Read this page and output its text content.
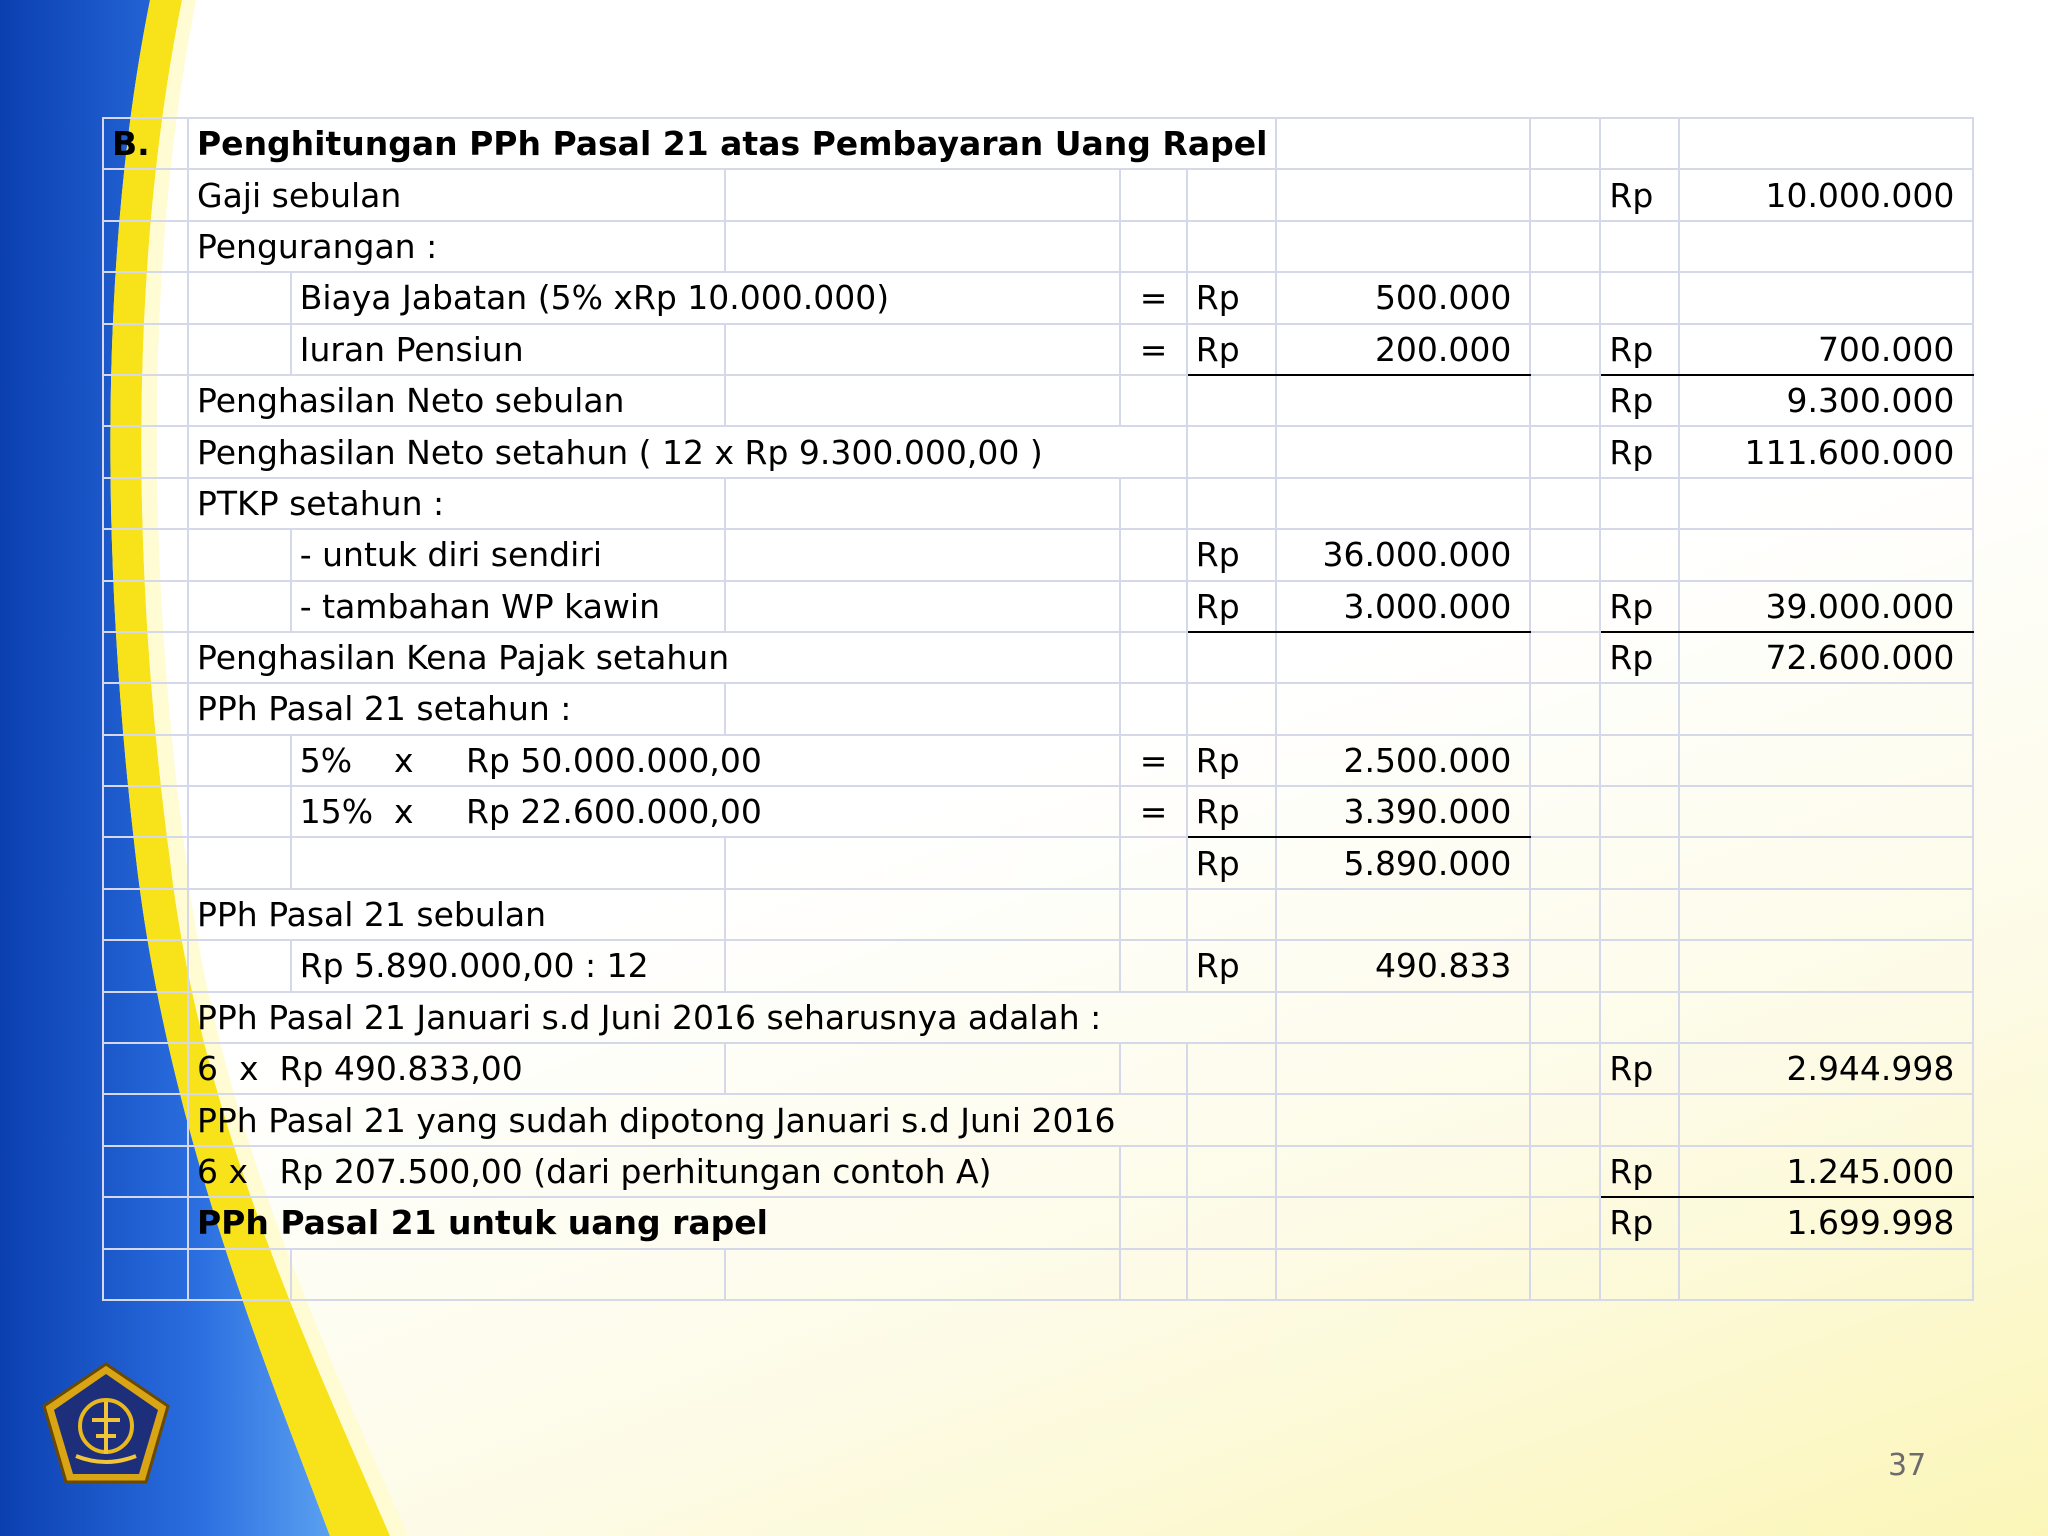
B.	Penghitungan PPh Pasal 21 atas Pembayaran Uang Rapel								
	Gaji sebulan							Rp	10.000.000
	Pengurangan :								
		Biaya Jabatan (5% xRp 10.000.000)		=	Rp	500.000			
		Iuran Pensiun		=	Rp	200.000		Rp	700.000
	Penghasilan Neto sebulan							Rp	9.300.000
	Penghasilan Neto setahun ( 12 x Rp 9.300.000,00 )							Rp	111.600.000
	PTKP setahun :								
		- untuk diri sendiri			Rp	36.000.000			
		- tambahan WP kawin			Rp	3.000.000		Rp	39.000.000
	Penghasilan Kena Pajak setahun							Rp	72.600.000
	PPh Pasal 21 setahun :								
		5%    x     Rp 50.000.000,00		=	Rp	2.500.000			
		15%  x     Rp 22.600.000,00		=	Rp	3.390.000			
					Rp	5.890.000			
	PPh Pasal 21 sebulan								
		Rp 5.890.000,00 : 12			Rp	490.833			
	PPh Pasal 21 Januari s.d Juni 2016 seharusnya adalah :								
	6  x  Rp 490.833,00							Rp	2.944.998
	PPh Pasal 21 yang sudah dipotong Januari s.d Juni 2016								
	6 x   Rp 207.500,00 (dari perhitungan contoh A)							Rp	1.245.000
	PPh Pasal 21 untuk uang rapel							Rp	1.699.998

37
